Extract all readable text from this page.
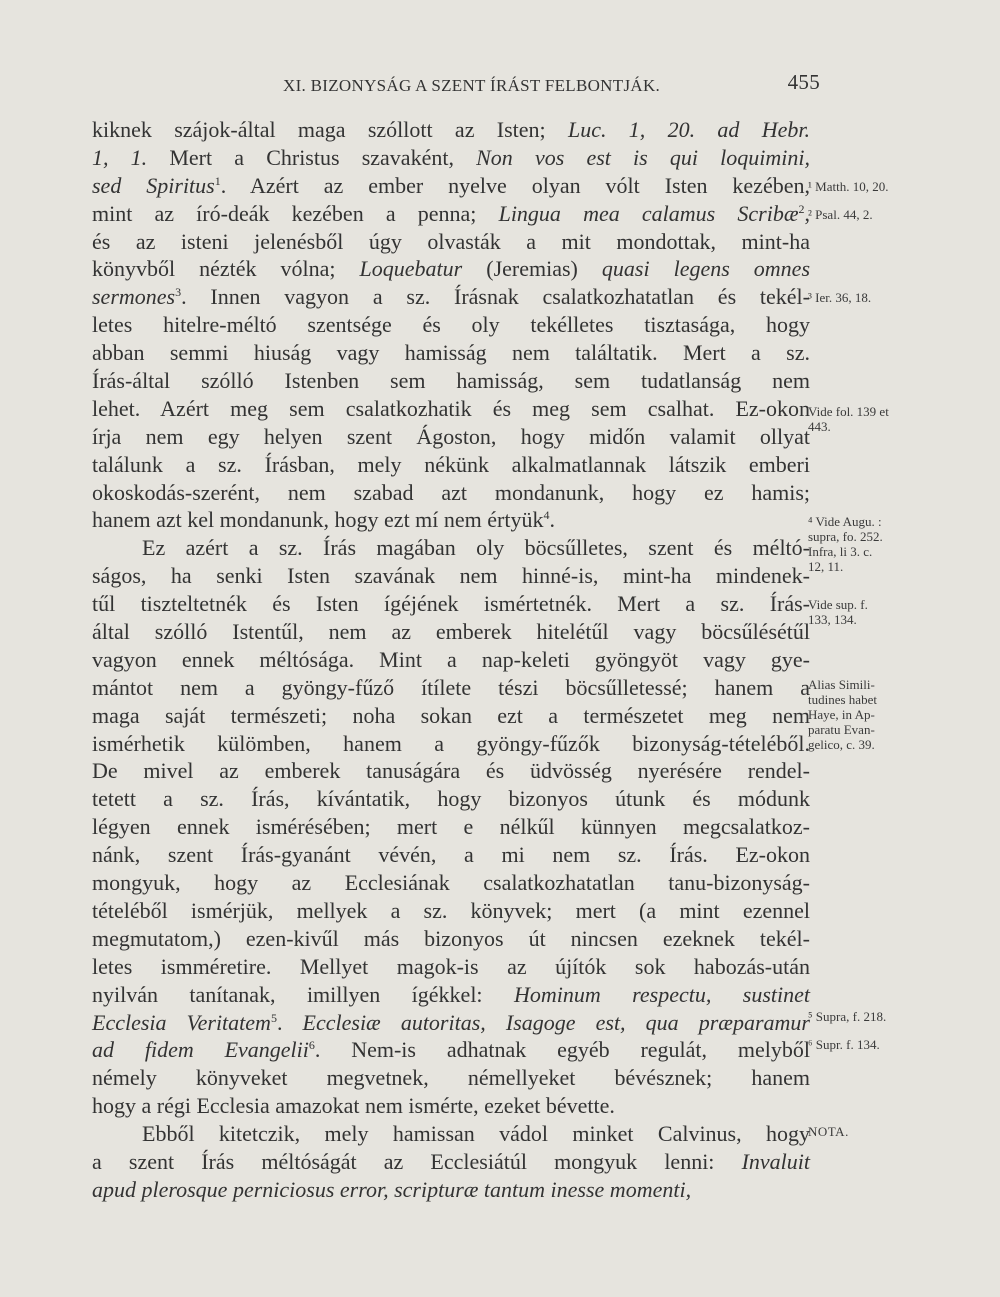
XI. BIZONYSÁG A SZENT ÍRÁST FELBONTJÁK.	455
kiknek szájok-által maga szóllott az Isten; Luc. 1, 20. ad Hebr.
1, 1. Mert a Christus szavaként, Non vos est is qui loquimini,
sed Spiritus$^1$. Azért az ember nyelve olyan vólt Isten kezében,
mint az író-deák kezében a penna; Lingua mea calamus Scribæ$^2$,
és az isteni jelenésből úgy olvasták a mit mondottak, mint-ha
könyvből nézték vólna; Loquebatur (Jeremias) quasi legens omnes
sermones$^3$. Innen vagyon a sz. Írásnak csalatkozhatatlan és tekél-
letes hitelre-méltó szentsége és oly tekélletes tisztasága, hogy
abban semmi hiuság vagy hamisság nem találtatik. Mert a sz.
Írás-által szólló Istenben sem hamisság, sem tudatlanság nem
lehet. Azért meg sem csalatkozhatik és meg sem csalhat. Ez-okon
írja nem egy helyen szent Ágoston, hogy midőn valamit ollyat
találunk a sz. Írásban, mely nékünk alkalmatlannak látszik emberi
okoskodás-szerént, nem szabad azt mondanunk, hogy ez hamis;
hanem azt kel mondanunk, hogy ezt mí nem értyük$^4$.
Ez azért a sz. Írás magában oly böcsűlletes, szent és méltó-
ságos, ha senki Isten szavának nem hinné-is, mint-ha mindenek-
tűl tiszteltetnék és Isten ígéjének ismértetnék. Mert a sz. Írás-
által szólló Istentűl, nem az emberek hitelétűl vagy böcsűlésétűl
vagyon ennek méltósága. Mint a nap-keleti gyöngyöt vagy gye-
mántot nem a gyöngy-fűző ítílete tészi böcsűlletessé; hanem a
maga saját természeti; noha sokan ezt a természetet meg nem
ismérhetik külömben, hanem a gyöngy-fűzők bizonyság-tételéből.
De mivel az emberek tanuságára és üdvösség nyerésére rendel-
tetett a sz. Írás, kívántatik, hogy bizonyos útunk és módunk
légyen ennek ismérésében; mert e nélkűl künnyen megcsalatkoz-
nánk, szent Írás-gyanánt vévén, a mi nem sz. Írás. Ez-okon
mongyuk, hogy az Ecclesiának csalatkozhatatlan tanu-bizonyság-
tételéből ismérjük, mellyek a sz. könyvek; mert (a mint ezennel
megmutatom,) ezen-kivűl más bizonyos út nincsen ezeknek tekél-
letes ismméretire. Mellyet magok-is az újítók sok habozás-után
nyilván tanítanak, imillyen ígékkel: Hominum respectu, sustinet
Ecclesia Veritatem$^5$. Ecclesiæ autoritas, Isagoge est, qua præparamur
ad fidem Evangelii$^6$. Nem-is adhatnak egyéb regulát, melyből
némely könyveket megvetnek, némellyeket bévésznek; hanem
hogy a régi Ecclesia amazokat nem ismérte, ezeket bévette.
Ebből kitetczik, mely hamissan vádol minket Calvinus, hogy
a szent Írás méltóságát az Ecclesiátúl mongyuk lenni: Invaluit
apud plerosque perniciosus error, scripturæ tantum inesse momenti,
¹ Matth. 10, 20.
² Psal. 44, 2.
³ Ier. 36, 18.
Vide fol. 139 et
443.
⁴ Vide Augu. :
supra, fo. 252.
Infra, li 3. c.
12, 11.
Vide sup. f.
133, 134.
Alias Simili-
tudines habet
Haye, in Ap-
paratu Evan-
gelico, c. 39.
⁵ Supra, f. 218.
⁶ Supr. f. 134.
NOTA.
